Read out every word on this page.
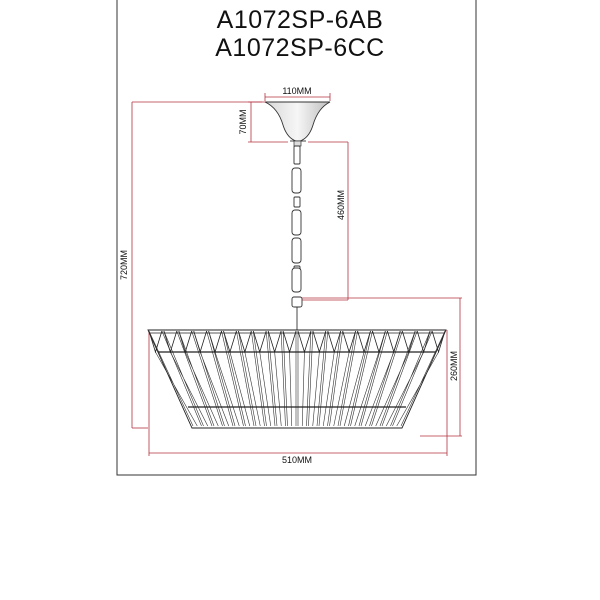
A1072SP-6AB
A1072SP-6CC
110MM
70MM
720MM
460MM
260MM
510MM
